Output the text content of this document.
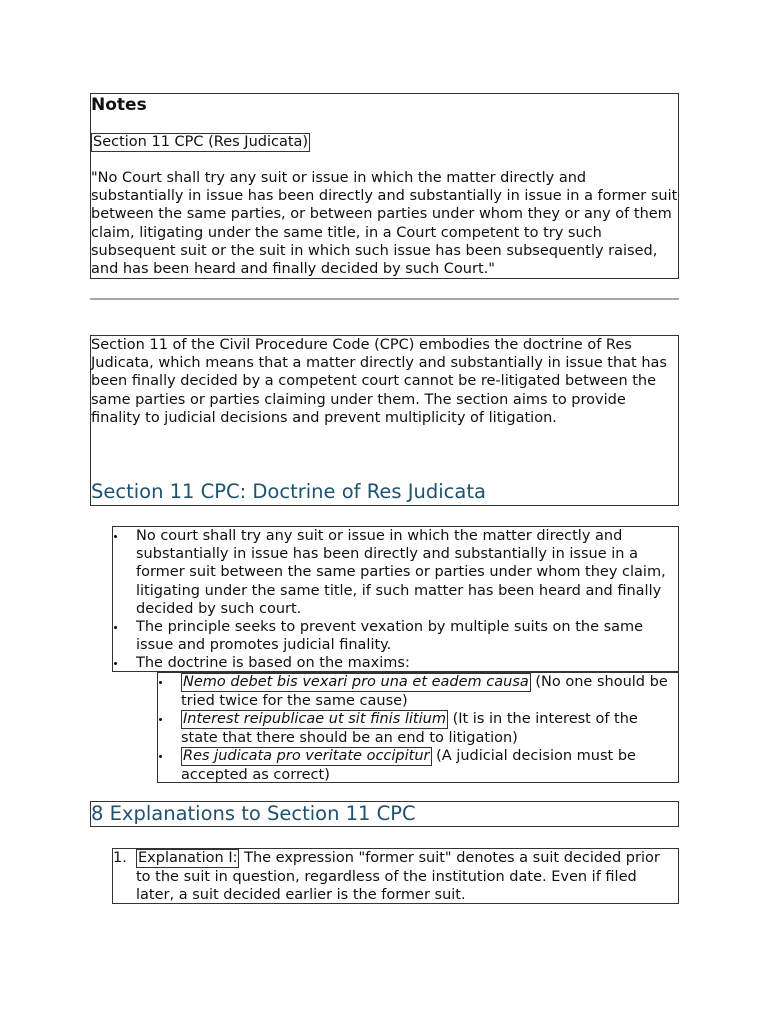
Notes
Section 11 CPC (Res Judicata)
"No Court shall try any suit or issue in which the matter directly and substantially in issue has been directly and substantially in issue in a former suit between the same parties, or between parties under whom they or any of them claim, litigating under the same title, in a Court competent to try such subsequent suit or the suit in which such issue has been subsequently raised, and has been heard and finally decided by such Court."
Section 11 of the Civil Procedure Code (CPC) embodies the doctrine of Res Judicata, which means that a matter directly and substantially in issue that has been finally decided by a competent court cannot be re-litigated between the same parties or parties claiming under them. The section aims to provide finality to judicial decisions and prevent multiplicity of litigation.
Section 11 CPC: Doctrine of Res Judicata
No court shall try any suit or issue in which the matter directly and substantially in issue has been directly and substantially in issue in a former suit between the same parties or parties under whom they claim, litigating under the same title, if such matter has been heard and finally decided by such court.
The principle seeks to prevent vexation by multiple suits on the same issue and promotes judicial finality.
The doctrine is based on the maxims:
Nemo debet bis vexari pro una et eadem causa (No one should be tried twice for the same cause)
Interest reipublicae ut sit finis litium (It is in the interest of the state that there should be an end to litigation)
Res judicata pro veritate occipitur (A judicial decision must be accepted as correct)
8 Explanations to Section 11 CPC
1. Explanation I: The expression "former suit" denotes a suit decided prior to the suit in question, regardless of the institution date. Even if filed later, a suit decided earlier is the former suit.
